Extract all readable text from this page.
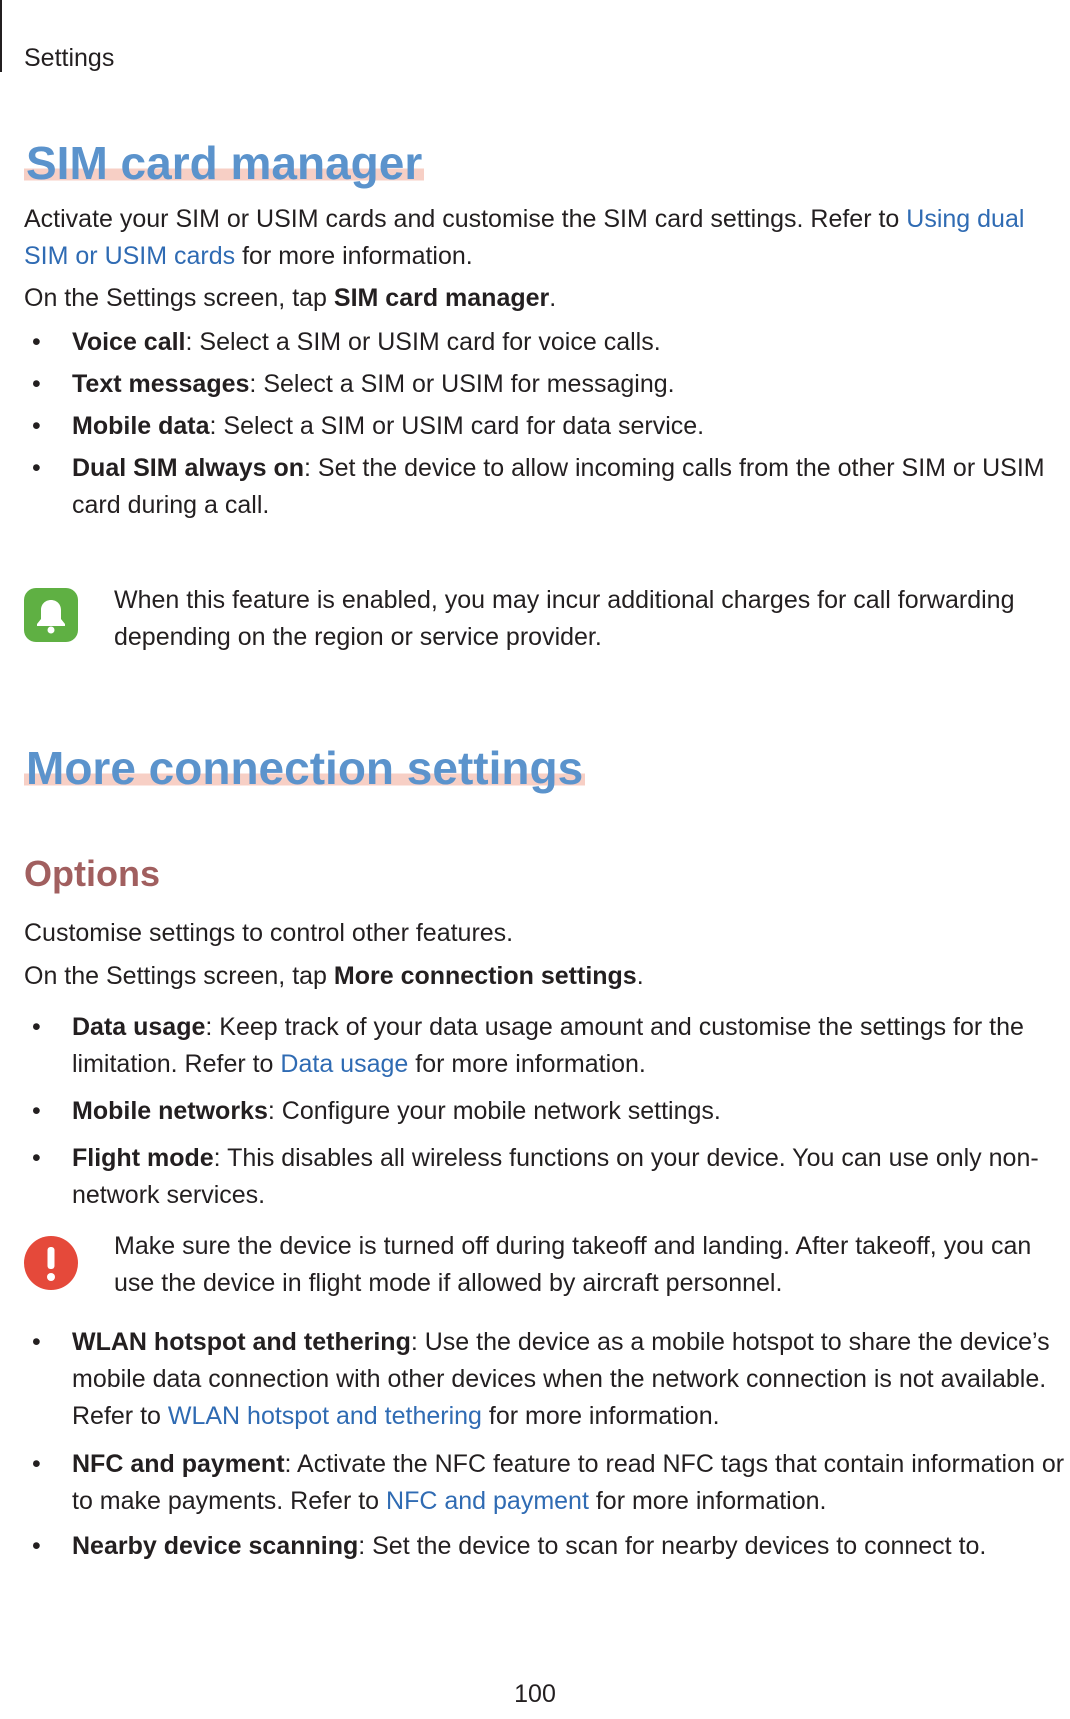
Settings
SIM card manager

Activate your SIM or USIM cards and customise the SIM card settings. Refer to Using dual SIM or USIM cards for more information.

On the Settings screen, tap SIM card manager.

• Voice call: Select a SIM or USIM card for voice calls.
• Text messages: Select a SIM or USIM for messaging.
• Mobile data: Select a SIM or USIM card for data service.
• Dual SIM always on: Set the device to allow incoming calls from the other SIM or USIM card during a call.
When this feature is enabled, you may incur additional charges for call forwarding depending on the region or service provider.
More connection settings
Options

Customise settings to control other features.

On the Settings screen, tap More connection settings.

• Data usage: Keep track of your data usage amount and customise the settings for the limitation. Refer to Data usage for more information.
• Mobile networks: Configure your mobile network settings.
• Flight mode: This disables all wireless functions on your device. You can use only non-network services.
Make sure the device is turned off during takeoff and landing. After takeoff, you can use the device in flight mode if allowed by aircraft personnel.
• WLAN hotspot and tethering: Use the device as a mobile hotspot to share the device’s mobile data connection with other devices when the network connection is not available. Refer to WLAN hotspot and tethering for more information.
• NFC and payment: Activate the NFC feature to read NFC tags that contain information or to make payments. Refer to NFC and payment for more information.
• Nearby device scanning: Set the device to scan for nearby devices to connect to.
100
